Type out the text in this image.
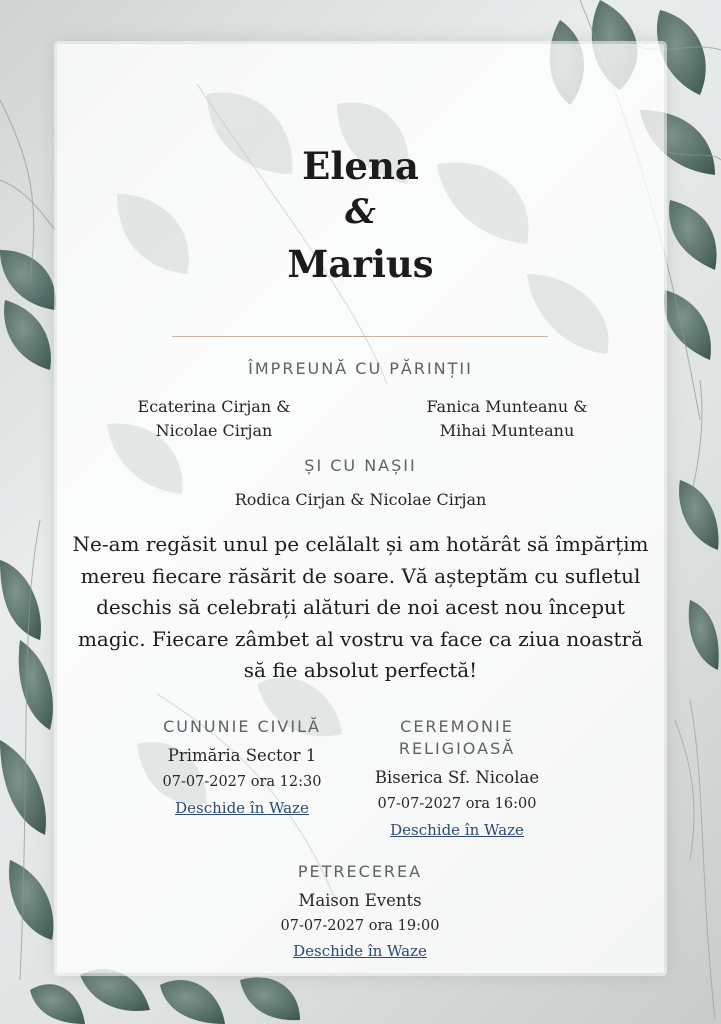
Elena
&
Marius
ÎMPREUNĂ CU PĂRINȚII
Ecaterina Cirjan &
Nicolae Cirjan
Fanica Munteanu &
Mihai Munteanu
ȘI CU NAȘII
Rodica Cirjan & Nicolae Cirjan
Ne-am regăsit unul pe celălalt și am hotărât să împărțim mereu fiecare răsărit de soare. Vă așteptăm cu sufletul deschis să celebrați alături de noi acest nou început magic. Fiecare zâmbet al vostru va face ca ziua noastră să fie absolut perfectă!
CUNUNIE CIVILĂ
Primăria Sector 1
07-07-2027 ora 12:30
Deschide în Waze
CEREMONIE RELIGIOASĂ
Biserica Sf. Nicolae
07-07-2027 ora 16:00
Deschide în Waze
PETRECEREA
Maison Events
07-07-2027 ora 19:00
Deschide în Waze
